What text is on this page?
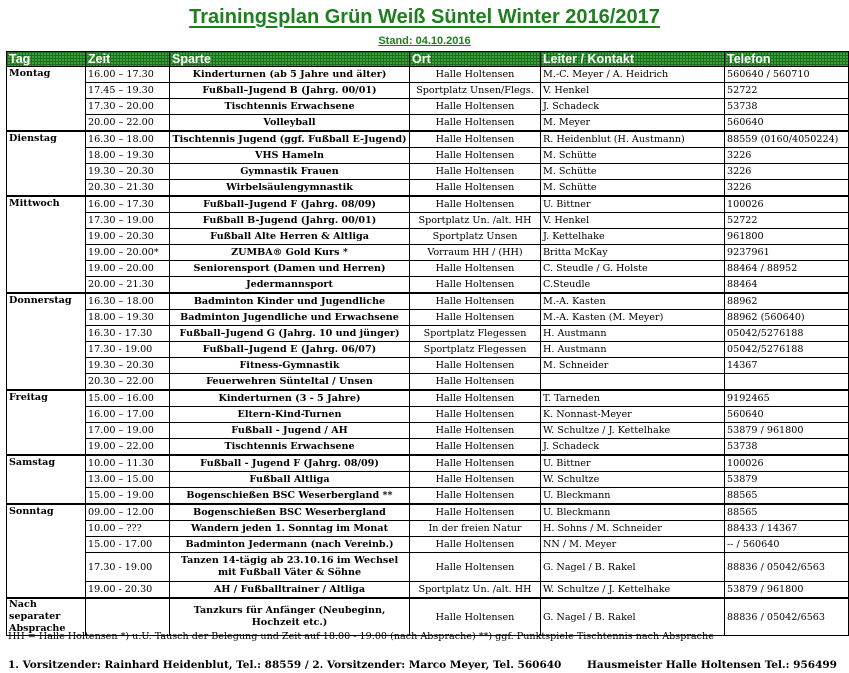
Trainingsplan Grün Weiß Süntel Winter 2016/2017
Stand: 04.10.2016
Tag	Zeit	Sparte	Ort	Leiter / Kontakt	Telefon
Montag	16.00 – 17.30	Kinderturnen (ab 5 Jahre und älter)	Halle Holtensen	M.-C. Meyer / A. Heidrich	560640 / 560710
	17.45 – 19.30	Fußball–Jugend B (Jahrg. 00/01)	Sportplatz Unsen/Flegs.	V. Henkel	52722
	17.30 – 20.00	Tischtennis Erwachsene	Halle Holtensen	J. Schadeck	53738
	20.00 – 22.00	Volleyball	Halle Holtensen	M. Meyer	560640
Dienstag	16.30 – 18.00	Tischtennis Jugend (ggf. Fußball E-Jugend)	Halle Holtensen	R. Heidenblut (H. Austmann)	88559 (0160/4050224)
	18.00 – 19.30	VHS Hameln	Halle Holtensen	M. Schütte	3226
	19.30 – 20.30	Gymnastik Frauen	Halle Holtensen	M. Schütte	3226
	20.30 – 21.30	Wirbelsäulengymnastik	Halle Holtensen	M. Schütte	3226
Mittwoch	16.00 – 17.30	Fußball–Jugend F (Jahrg. 08/09)	Halle Holtensen	U. Bittner	100026
	17.30 – 19.00	Fußball B-Jugend (Jahrg. 00/01)	Sportplatz Un. /alt. HH	V. Henkel	52722
	19.00 – 20.30	Fußball Alte Herren & Altliga	Sportplatz Unsen	J. Kettelhake	961800
	19.00 – 20.00*	ZUMBA® Gold Kurs *	Vorraum HH / (HH)	Britta McKay	9237961
	19.00 – 20.00	Seniorensport (Damen und Herren)	Halle Holtensen	C. Steudle / G. Holste	88464 / 88952
	20.00 – 21.30	Jedermannsport	Halle Holtensen	C.Steudle	88464
Donnerstag	16.30 – 18.00	Badminton Kinder und Jugendliche	Halle Holtensen	M.-A. Kasten	88962
	18.00 – 19.30	Badminton Jugendliche und Erwachsene	Halle Holtensen	M.-A. Kasten (M. Meyer)	88962 (560640)
	16.30 - 17.30	Fußball–Jugend G (Jahrg. 10 und jünger)	Sportplatz Flegessen	H. Austmann	05042/5276188
	17.30 - 19.00	Fußball–Jugend E (Jahrg. 06/07)	Sportplatz Flegessen	H. Austmann	05042/5276188
	19.30 – 20.30	Fitness-Gymnastik	Halle Holtensen	M. Schneider	14367
	20.30 – 22.00	Feuerwehren Sünteltal / Unsen	Halle Holtensen		
Freitag	15.00 – 16.00	Kinderturnen (3 - 5 Jahre)	Halle Holtensen	T. Tarneden	9192465
	16.00 – 17.00	Eltern-Kind-Turnen	Halle Holtensen	K. Nonnast-Meyer	560640
	17.00 – 19.00	Fußball - Jugend / AH	Halle Holtensen	W. Schultze / J. Kettelhake	53879 / 961800
	19.00 – 22.00	Tischtennis Erwachsene	Halle Holtensen	J. Schadeck	53738
Samstag	10.00 – 11.30	Fußball - Jugend F (Jahrg. 08/09)	Halle Holtensen	U. Bittner	100026
	13.00 – 15.00	Fußball Altliga	Halle Holtensen	W. Schultze	53879
	15.00 – 19.00	Bogenschießen BSC Weserbergland **	Halle Holtensen	U. Bleckmann	88565
Sonntag	09.00 – 12.00	Bogenschießen BSC Weserbergland	Halle Holtensen	U. Bleckmann	88565
	10.00 – ???	Wandern jeden 1. Sonntag im Monat	In der freien Natur	H. Sohns / M. Schneider	88433 / 14367
	15.00 - 17.00	Badminton Jedermann (nach Vereinb.)	Halle Holtensen	NN / M. Meyer	-- / 560640
	17.30 - 19.00	Tanzen 14-tägig ab 23.10.16 im Wechsel mit Fußball Väter & Söhne	Halle Holtensen	G. Nagel / B. Rakel	88836 / 05042/6563
	19.00 - 20.30	AH / Fußballtrainer / Altliga	Sportplatz Un. /alt. HH	W. Schultze / J. Kettelhake	53879 / 961800
Nach separater Absprache		Tanzkurs für Anfänger (Neubeginn, Hochzeit etc.)	Halle Holtensen	G. Nagel / B. Rakel	88836 / 05042/6563
HH = Halle Holtensen *) u.U. Tausch der Belegung und Zeit auf 18.00 - 19.00 (nach Absprache) **) ggf. Punktspiele Tischtennis nach Absprache
1. Vorsitzender: Rainhard Heidenblut, Tel.: 88559 / 2. Vorsitzender: Marco Meyer, Tel. 560640 Hausmeister Halle Holtensen Tel.: 956499
